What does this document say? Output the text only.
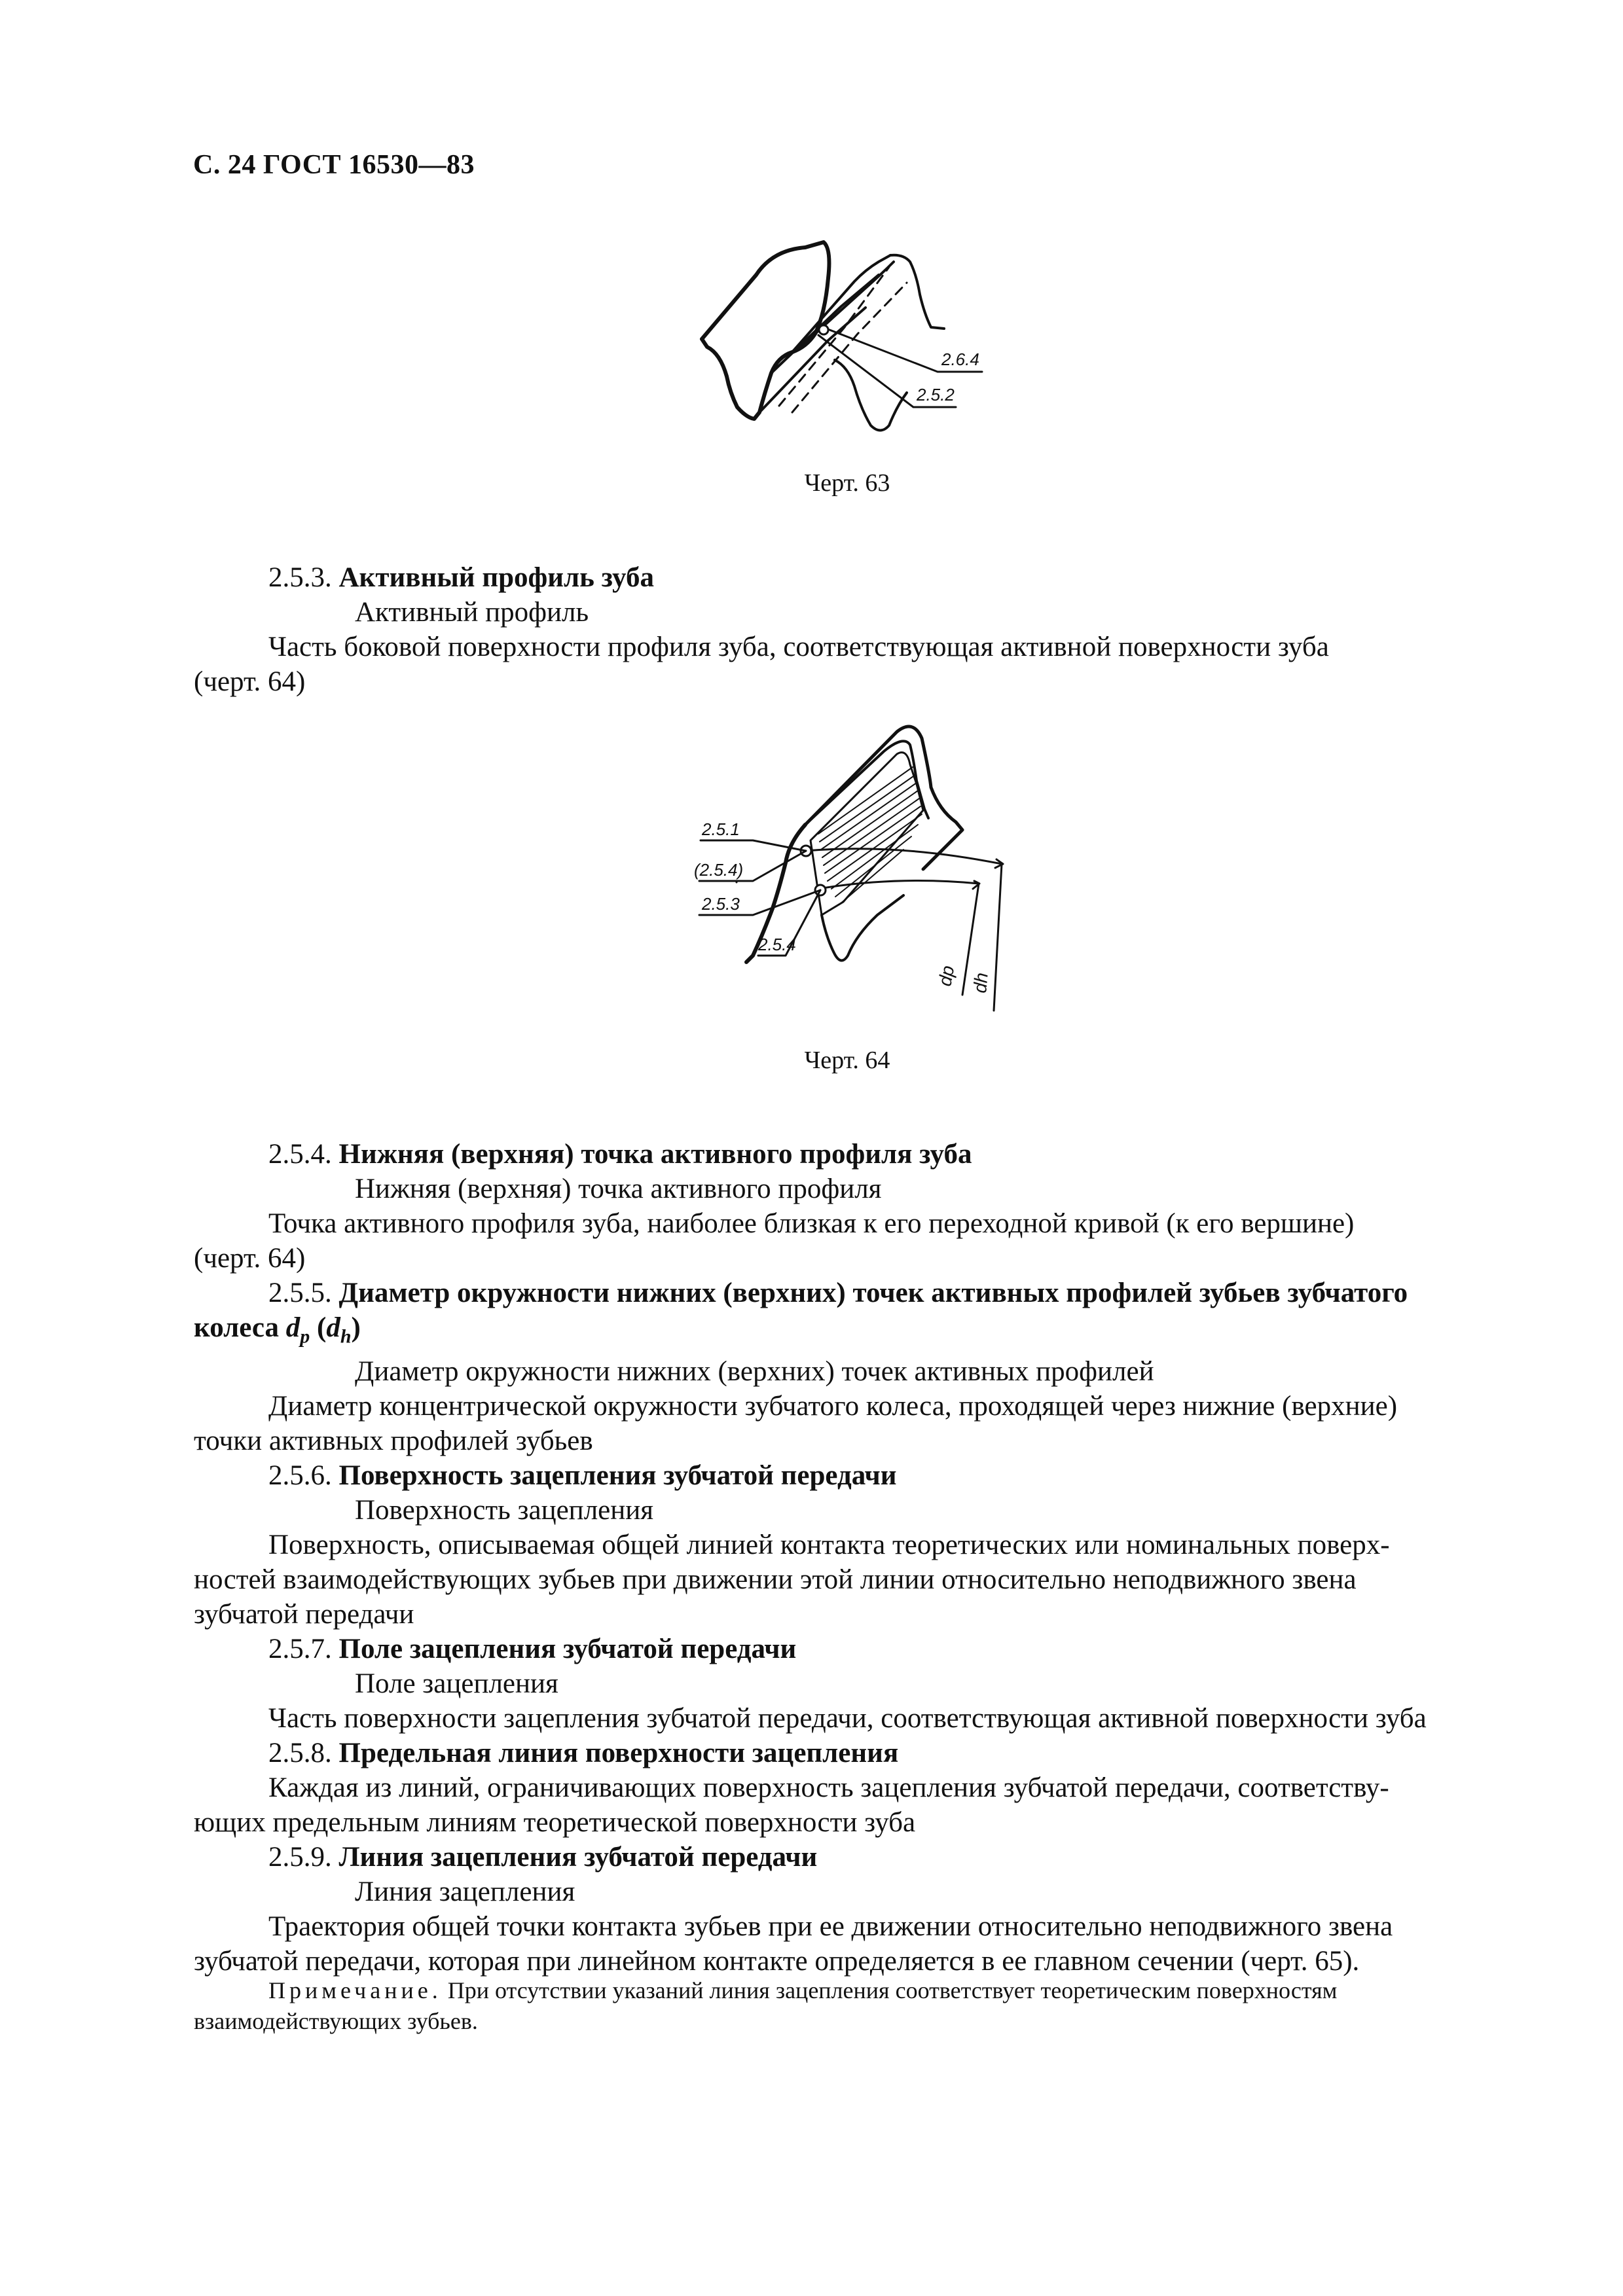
С. 24 ГОСТ 16530—83
2.6.4
2.5.2
Черт. 63

2.5.3. Активный профиль зуба

Активный профиль

Часть боковой поверхности профиля зуба, соответствующая активной поверхности зуба

(черт. 64)

2.5.1
(2.5.4)
2.5.3
2.5.4
dp dh
Черт. 64

2.5.4. Нижняя (верхняя) точка активного профиля зуба

Нижняя (верхняя) точка активного профиля

Точка активного профиля зуба, наиболее близкая к его переходной кривой (к его вершине)

(черт. 64)

2.5.5. Диаметр окружности нижних (верхних) точек активных профилей зубьев зубчатого

колеса $d_p$ $(d_h)$

Диаметр окружности нижних (верхних) точек активных профилей

Диаметр концентрической окружности зубчатого колеса, проходящей через нижние (верхние)

точки активных профилей зубьев

2.5.6. Поверхность зацепления зубчатой передачи

Поверхность зацепления

Поверхность, описываемая общей линией контакта теоретических или номинальных поверх-

ностей взаимодействующих зубьев при движении этой линии относительно неподвижного звена

зубчатой передачи

2.5.7. Поле зацепления зубчатой передачи

Поле зацепления

Часть поверхности зацепления зубчатой передачи, соответствующая активной поверхности зуба

2.5.8. Предельная линия поверхности зацепления

Каждая из линий, ограничивающих поверхность зацепления зубчатой передачи, соответству-

ющих предельным линиям теоретической поверхности зуба

2.5.9. Линия зацепления зубчатой передачи

Линия зацепления

Траектория общей точки контакта зубьев при ее движении относительно неподвижного звена

зубчатой передачи, которая при линейном контакте определяется в ее главном сечении (черт. 65).

Примечание. При отсутствии указаний линия зацепления соответствует теоретическим поверхностям

взаимодействующих зубьев.
